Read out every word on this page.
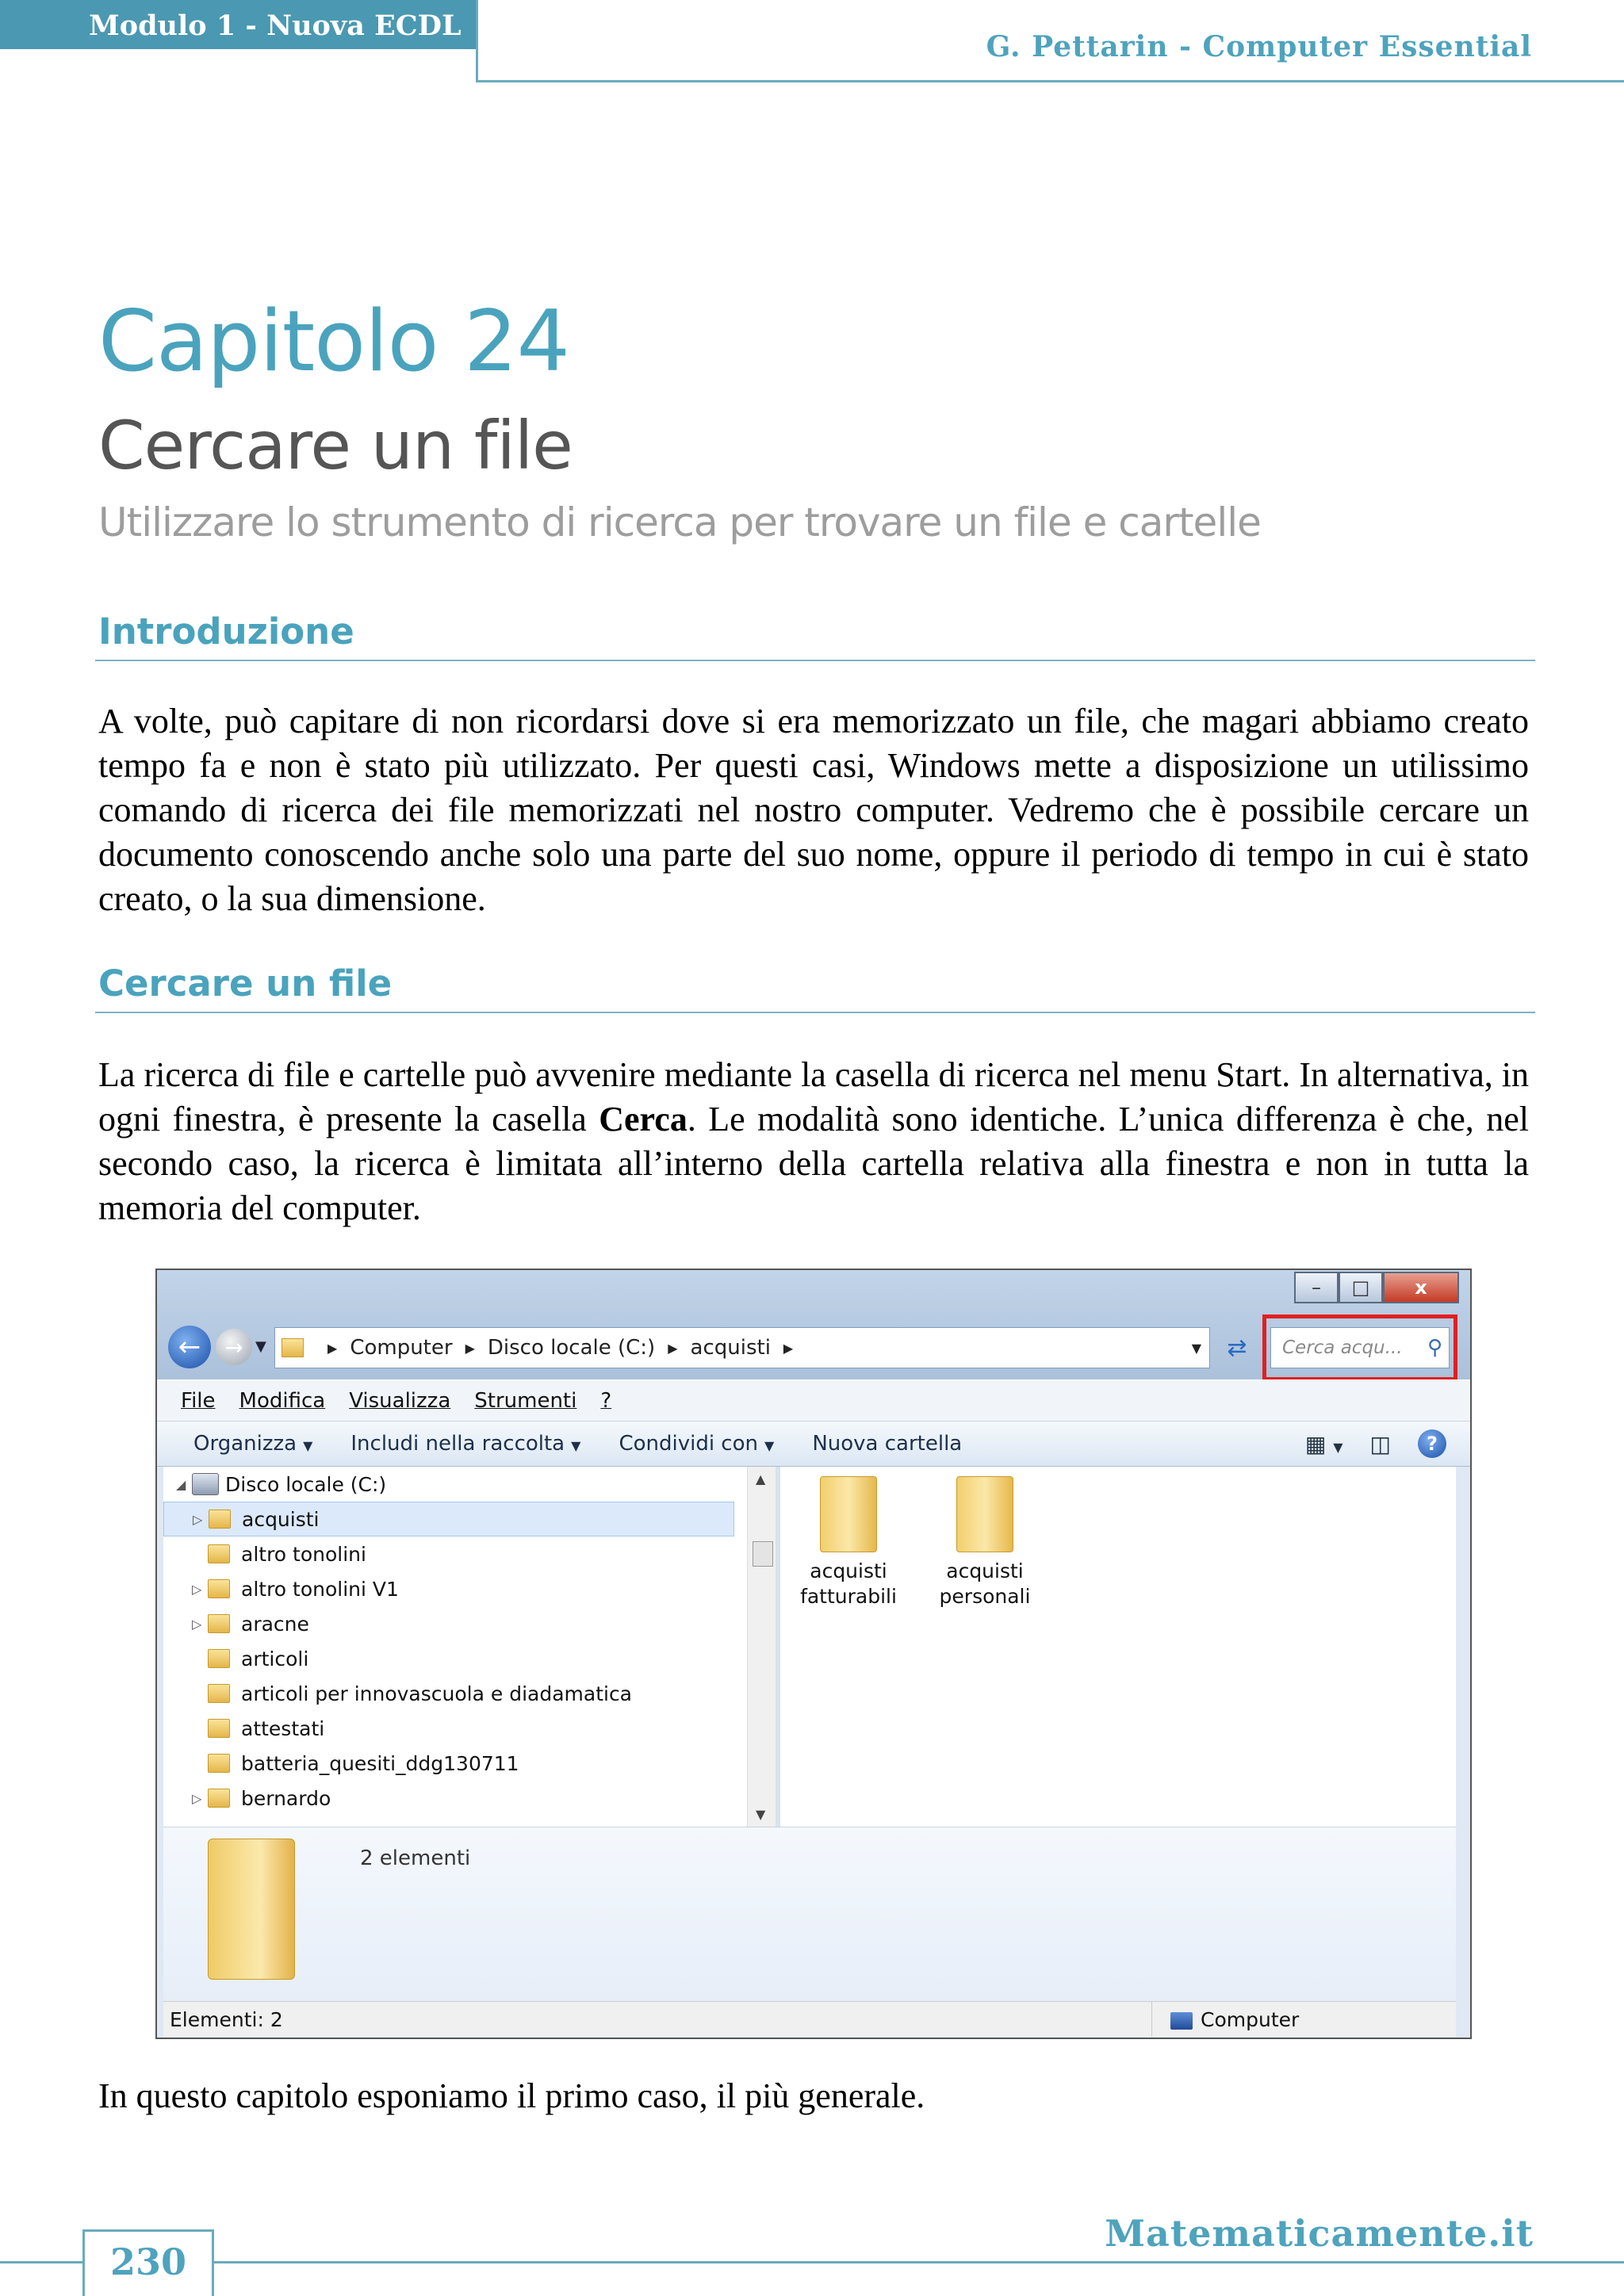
Modulo 1 - Nuova ECDL
G. Pettarin - Computer Essential
Capitolo 24
Cercare un file
Utilizzare lo strumento di ricerca per trovare un file e cartelle
Introduzione
A volte, può capitare di non ricordarsi dove si era memorizzato un file, che magari abbiamo creato tempo fa e non è stato più utilizzato. Per questi casi, Windows mette a disposizione un utilissimo comando di ricerca dei file memorizzati nel nostro computer. Vedremo che è possibile cercare un documento conoscendo anche solo una parte del suo nome, oppure il periodo di tempo in cui è stato creato, o la sua dimensione.
Cercare un file
La ricerca di file e cartelle può avvenire mediante la casella di ricerca nel menu Start. In alternativa, in ogni finestra, è presente la casella Cerca. Le modalità sono identiche. L’unica differenza è che, nel secondo caso, la ricerca è limitata all’interno della cartella relativa alla finestra e non in tutta la memoria del computer.
–	□	x
← → ▼	▶ Computer ▶ Disco locale (C:) ▶ acquisti ▶	▼ ⇄ Cerca acqu... ⚲
File Modifica Visualizza Strumenti ?
Organizza ▼ Includi nella raccolta ▼ Condividi con ▼ Nuova cartella	▦ ▼ ◫	?
◢ Disco locale (C:)
▷ acquisti
altro tonolini
▷ altro tonolini V1
▷ aracne
articoli
articoli per innovascuola e diadamatica
attestati
batteria_quesiti_ddg130711
▷ bernardo
▲
▼
acquisti
fatturabili
acquisti
personali
2 elementi
Elementi: 2	Computer
In questo capitolo esponiamo il primo caso, il più generale.
Matematicamente.it
230
